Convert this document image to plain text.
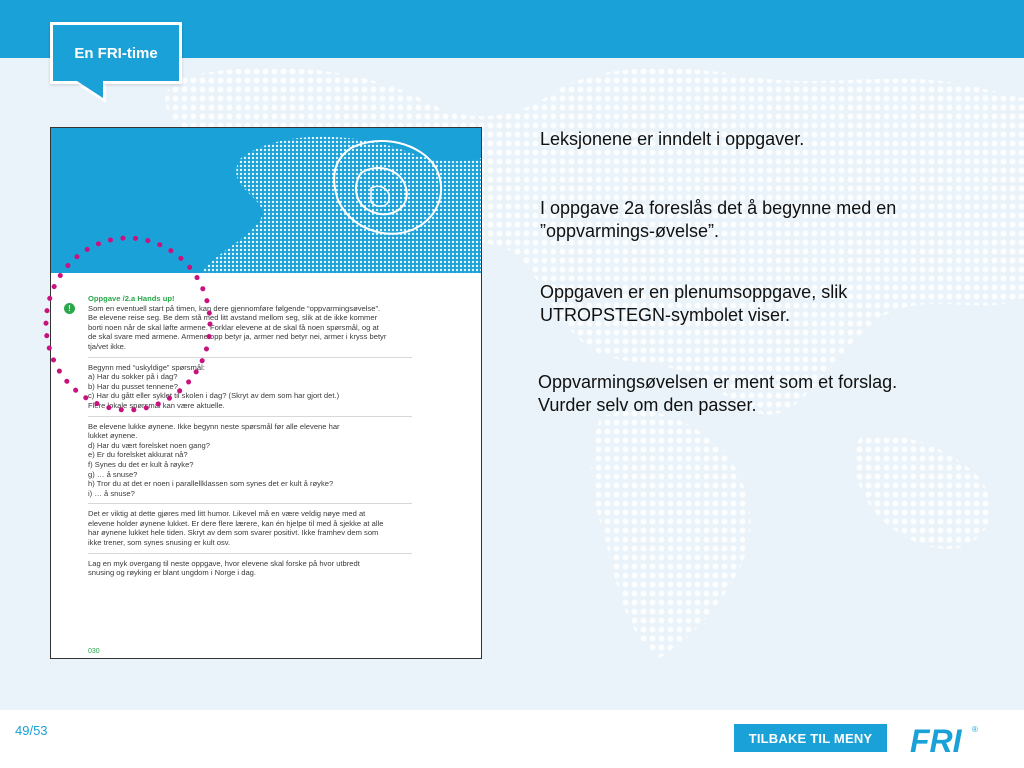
En FRI-time
!
Oppgave /2.a Hands up!
Som en eventuell start på timen, kan dere gjennomføre følgende “oppvarmingsøvelse”.
Be elevene reise seg. Be dem stå med litt avstand mellom seg, slik at de ikke kommer
borti noen når de skal løfte armene. Forklar elevene at de skal få noen spørsmål, og at
de skal svare med armene. Armene opp betyr ja, armer ned betyr nei, armer i kryss betyr
tja/vet ikke.
Begynn med “uskyldige” spørsmål:
a) Har du sokker på i dag?
b) Har du pusset tennene?
c) Har du gått eller syklet til skolen i dag? (Skryt av dem som har gjort det.)
Flere lokale spørsmål kan være aktuelle.
Be elevene lukke øynene. Ikke begynn neste spørsmål før alle elevene har
lukket øynene.
d) Har du vært forelsket noen gang?
e) Er du forelsket akkurat nå?
f) Synes du det er kult å røyke?
g) … å snuse?
h) Tror du at det er noen i parallellklassen som synes det er kult å røyke?
i) … å snuse?
Det er viktig at dette gjøres med litt humor. Likevel må en være veldig nøye med at
elevene holder øynene lukket. Er dere flere lærere, kan én hjelpe til med å sjekke at alle
har øynene lukket hele tiden. Skryt av dem som svarer positivt. Ikke framhev dem som
ikke trener, som synes snusing er kult osv.
Lag en myk overgang til neste oppgave, hvor elevene skal forske på hvor utbredt
snusing og røyking er blant ungdom i Norge i dag.
030

Leksjonene er inndelt i oppgaver.

I oppgave 2a foreslås det å begynne med en ”oppvarmings-øvelse”.

Oppgaven er en plenumsoppgave, slik UTROPSTEGN-symbolet viser.

Oppvarmingsøvelsen er ment som et forslag. Vurder selv om den passer.

49/53	TILBAKE TIL MENY	FRI ®
